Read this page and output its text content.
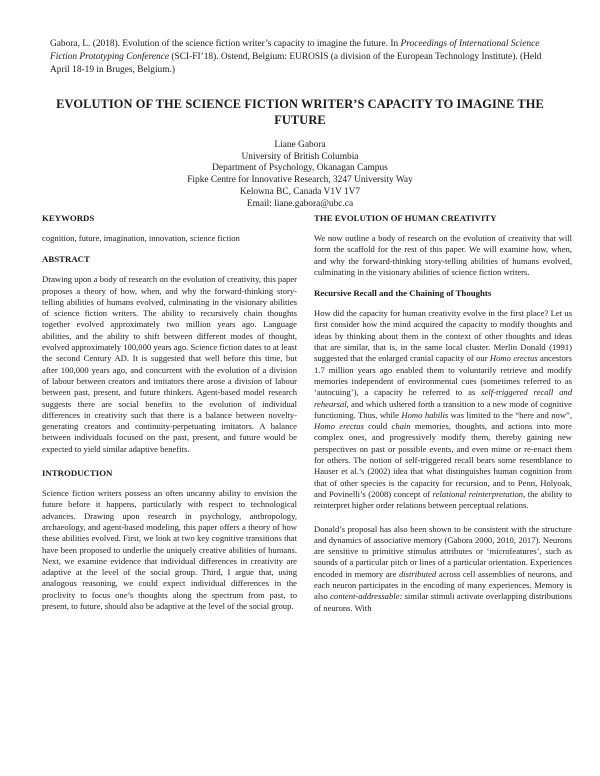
Gabora, L. (2018). Evolution of the science fiction writer’s capacity to imagine the future. In Proceedings of International Science Fiction Prototyping Conference (SCI-FI’18). Ostend, Belgium: EUROSIS (a division of the European Technology Institute). (Held April 18-19 in Bruges, Belgium.)
EVOLUTION OF THE SCIENCE FICTION WRITER’S CAPACITY TO IMAGINE THE FUTURE
Liane Gabora
University of British Columbia
Department of Psychology, Okanagan Campus
Fipke Centre for Innovative Research, 3247 University Way
Kelowna BC, Canada V1V 1V7
Email: liane.gabora@ubc.ca
KEYWORDS

cognition, future, imagination, innovation, science fiction

ABSTRACT

Drawing upon a body of research on the evolution of creativity, this paper proposes a theory of how, when, and why the forward-thinking story-telling abilities of humans evolved, culminating in the visionary abilities of science fiction writers. The ability to recursively chain thoughts together evolved approximately two million years ago. Language abilities, and the ability to shift between different modes of thought, evolved approximately 100,000 years ago. Science fiction dates to at least the second Century AD. It is suggested that well before this time, but after 100,000 years ago, and concurrent with the evolution of a division of labour between creators and imitators there arose a division of labour between past, present, and future thinkers. Agent-based model research suggests there are social benefits to the evolution of individual differences in creativity such that there is a balance between novelty-generating creators and continuity-perpetuating imitators. A balance between individuals focused on the past, present, and future would be expected to yield similar adaptive benefits.

INTRODUCTION

Science fiction writers possess an often uncanny ability to envision the future before it happens, particularly with respect to technological advances. Drawing upon research in psychology, anthropology, archaeology, and agent-based modeling, this paper offers a theory of how these abilities evolved. First, we look at two key cognitive transitions that have been proposed to underlie the uniquely creative abilities of humans. Next, we examine evidence that individual differences in creativity are adaptive at the level of the social group. Third, I argue that, using analogous reasoning, we could expect individual differences in the proclivity to focus one’s thoughts along the spectrum from past, to present, to future, should also be adaptive at the level of the social group.

THE EVOLUTION OF HUMAN CREATIVITY

We now outline a body of research on the evolution of creativity that will form the scaffold for the rest of this paper. We will examine how, when, and why the forward-thinking story-telling abilities of humans evolved, culminating in the visionary abilities of science fiction writers.

Recursive Recall and the Chaining of Thoughts

How did the capacity for human creativity evolve in the first place? Let us first consider how the mind acquired the capacity to modify thoughts and ideas by thinking about them in the context of other thoughts and ideas that are similar, that is, in the same local cluster. Merlin Donald (1991) suggested that the enlarged cranial capacity of our Homo erectus ancestors 1.7 million years ago enabled them to voluntarily retrieve and modify memories independent of environmental cues (sometimes referred to as ‘autocuing’), a capacity he referred to as self-triggered recall and rehearsal, and which ushered forth a transition to a new mode of cognitive functioning. Thus, while Homo habilis was limited to the “here and now”, Homo erectus could chain memories, thoughts, and actions into more complex ones, and progressively modify them, thereby gaining new perspectives on past or possible events, and even mime or re-enact them for others. The notion of self-triggered recall bears some resemblance to Hauser et al.’s (2002) idea that what distinguishes human cognition from that of other species is the capacity for recursion, and to Penn, Holyoak, and Povinelli’s (2008) concept of relational reinterpretation, the ability to reinterpret higher order relations between perceptual relations.

Donald’s proposal has also been shown to be consistent with the structure and dynamics of associative memory (Gabora 2000, 2010, 2017). Neurons are sensitive to primitive stimulus attributes or ‘microfeatures’, such as sounds of a particular pitch or lines of a particular orientation. Experiences encoded in memory are distributed across cell assemblies of neurons, and each neuron participates in the encoding of many experiences. Memory is also content-addressable: similar stimuli activate overlapping distributions of neurons. With
